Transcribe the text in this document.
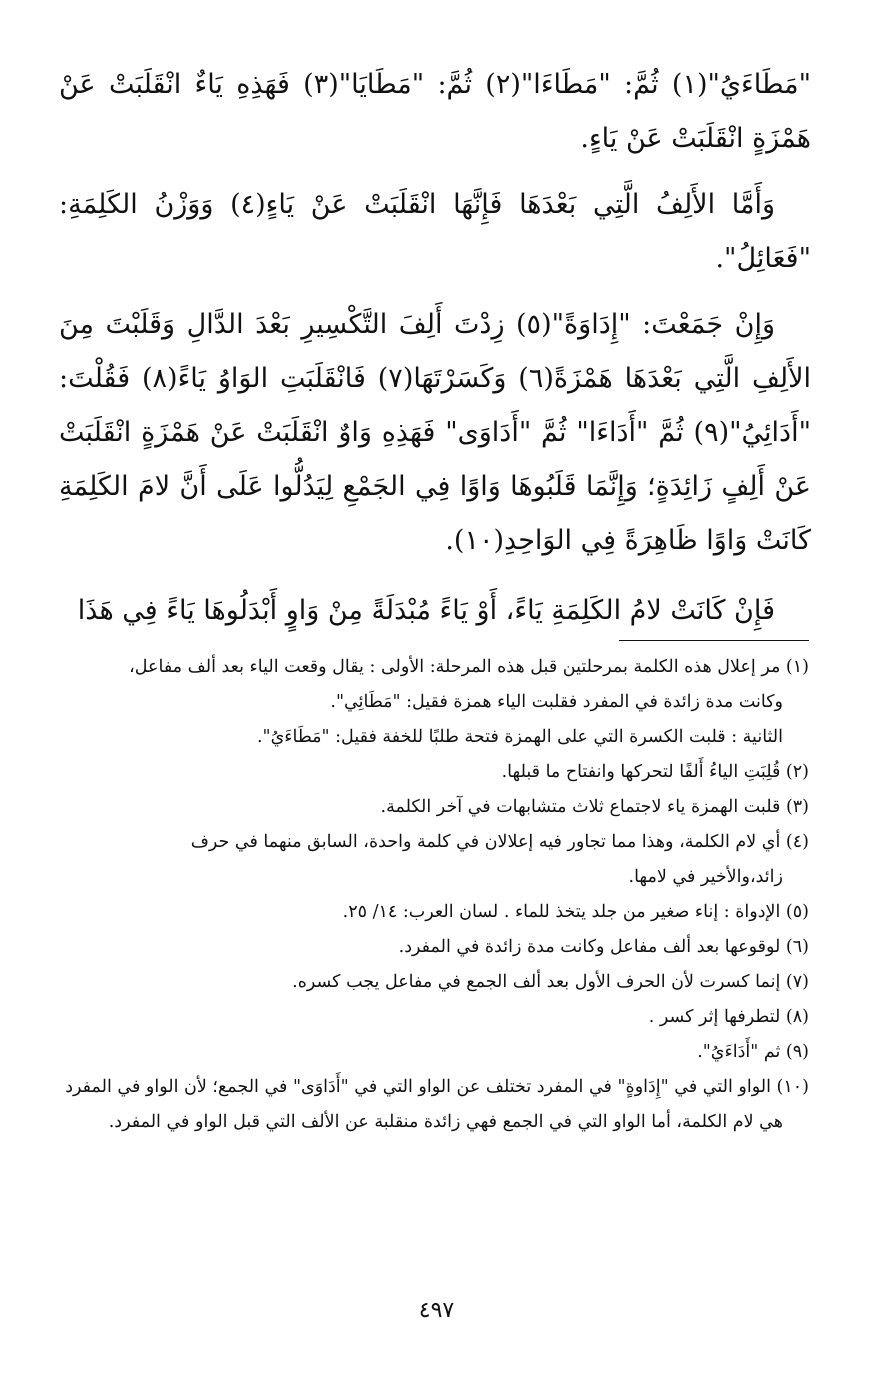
"مَطَاءَيُ"(١) ثُمَّ: "مَطَاءَا"(٢) ثُمَّ: "مَطَايَا"(٣) فَهَذِهِ يَاءٌ انْقَلَبَتْ عَنْ هَمْزَةٍ انْقَلَبَتْ عَنْ يَاءٍ.

وَأَمَّا الأَلِفُ الَّتِي بَعْدَهَا فَإِنَّهَا انْقَلَبَتْ عَنْ يَاءٍ(٤) وَوَزْنُ الكَلِمَةِ: "فَعَائِلُ".

وَإِنْ جَمَعْتَ: "إِدَاوَةً"(٥) زِدْتَ أَلِفَ التَّكْسِيرِ بَعْدَ الدَّالِ وَقَلَبْتَ مِنَ الأَلِفِ الَّتِي بَعْدَهَا هَمْزَةً(٦) وَكَسَرْتَهَا(٧) فَانْقَلَبَتِ الوَاوُ يَاءً(٨) فَقُلْتَ: "أَدَائِيُ"(٩) ثُمَّ "أَدَاءَا" ثُمَّ "أَدَاوَى" فَهَذِهِ وَاوٌ انْقَلَبَتْ عَنْ هَمْزَةٍ انْقَلَبَتْ عَنْ أَلِفٍ زَائِدَةٍ؛ وَإِنَّمَا قَلَبُوهَا وَاوًا فِي الجَمْعِ لِيَدُلُّوا عَلَى أَنَّ لامَ الكَلِمَةِ كَانَتْ وَاوًا ظَاهِرَةً فِي الوَاحِدِ(١٠).

فَإِنْ كَانَتْ لامُ الكَلِمَةِ يَاءً، أَوْ يَاءً مُبْدَلَةً مِنْ وَاوٍ أَبْدَلُوهَا يَاءً فِي هَذَا

(١) مر إعلال هذه الكلمة بمرحلتين قبل هذه المرحلة: الأولى : يقال وقعت الياء بعد ألف مفاعل،

وكانت مدة زائدة في المفرد فقلبت الياء همزة فقيل: "مَطَائِي".

الثانية : قلبت الكسرة التي على الهمزة فتحة طلبًا للخفة فقيل: "مَطَاءَيُ".

(٢) قُلِبَتِ الياءُ أَلفًا لتحركها وانفتاح ما قبلها.

(٣) قلبت الهمزة ياء لاجتماع ثلاث متشابهات في آخر الكلمة.

(٤) أي لام الكلمة، وهذا مما تجاور فيه إعلالان في كلمة واحدة، السابق منهما في حرف

زائد،والأخير في لامها.

(٥) الإدواة : إناء صغير من جلد يتخذ للماء . لسان العرب: ١٤/ ٢٥.

(٦) لوقوعها بعد ألف مفاعل وكانت مدة زائدة في المفرد.

(٧) إنما كسرت لأن الحرف الأول بعد ألف الجمع في مفاعل يجب كسره.

(٨) لتطرفها إثر كسر .

(٩) ثم "أَدَاءَيُ".

(١٠) الواو التي في "إِدَاوةٍ" في المفرد تختلف عن الواو التي في "أَدَاوَى" في الجمع؛ لأن الواو في المفرد

هي لام الكلمة، أما الواو التي في الجمع فهي زائدة منقلبة عن الألف التي قبل الواو في المفرد.

٤٩٧
